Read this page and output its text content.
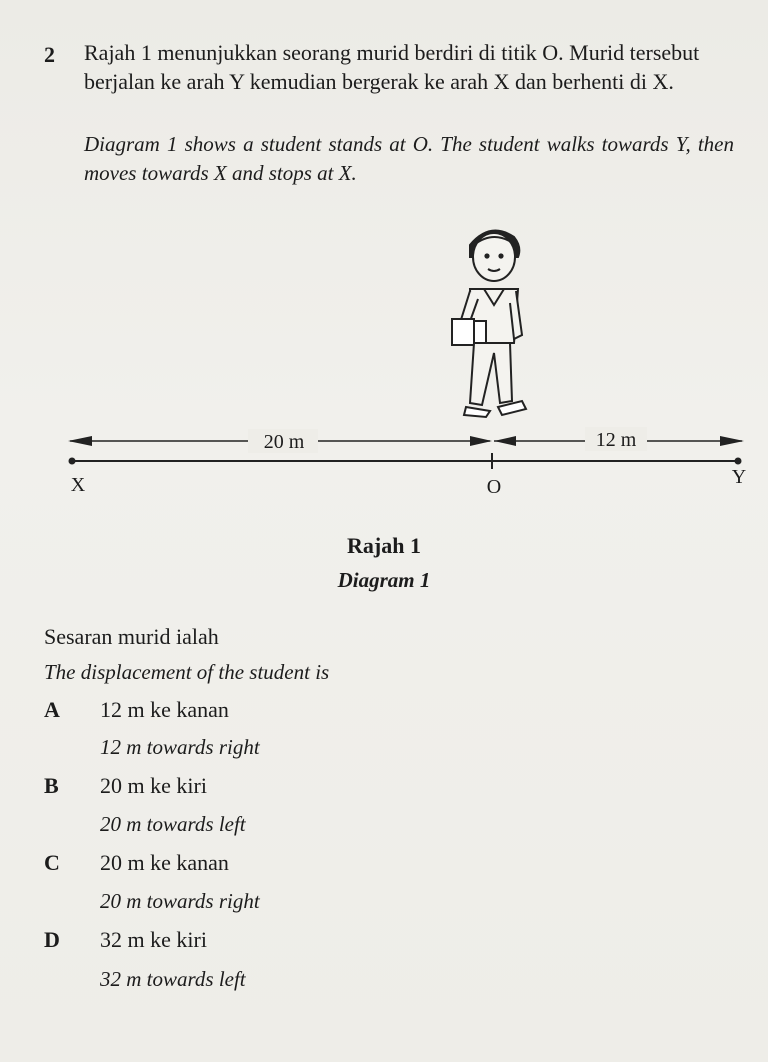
2 Rajah 1 menunjukkan seorang murid berdiri di titik O. Murid tersebut berjalan ke arah Y kemudian bergerak ke arah X dan berhenti di X.
Diagram 1 shows a student stands at O. The student walks towards Y, then moves towards X and stops at X.
20 m	12 m
X	O	Y
Rajah 1
Diagram 1
Sesaran murid ialah
The displacement of the student is
A	12 m ke kanan
12 m towards right
B	20 m ke kiri
20 m towards left
C	20 m ke kanan
20 m towards right
D	32 m ke kiri
32 m towards left
